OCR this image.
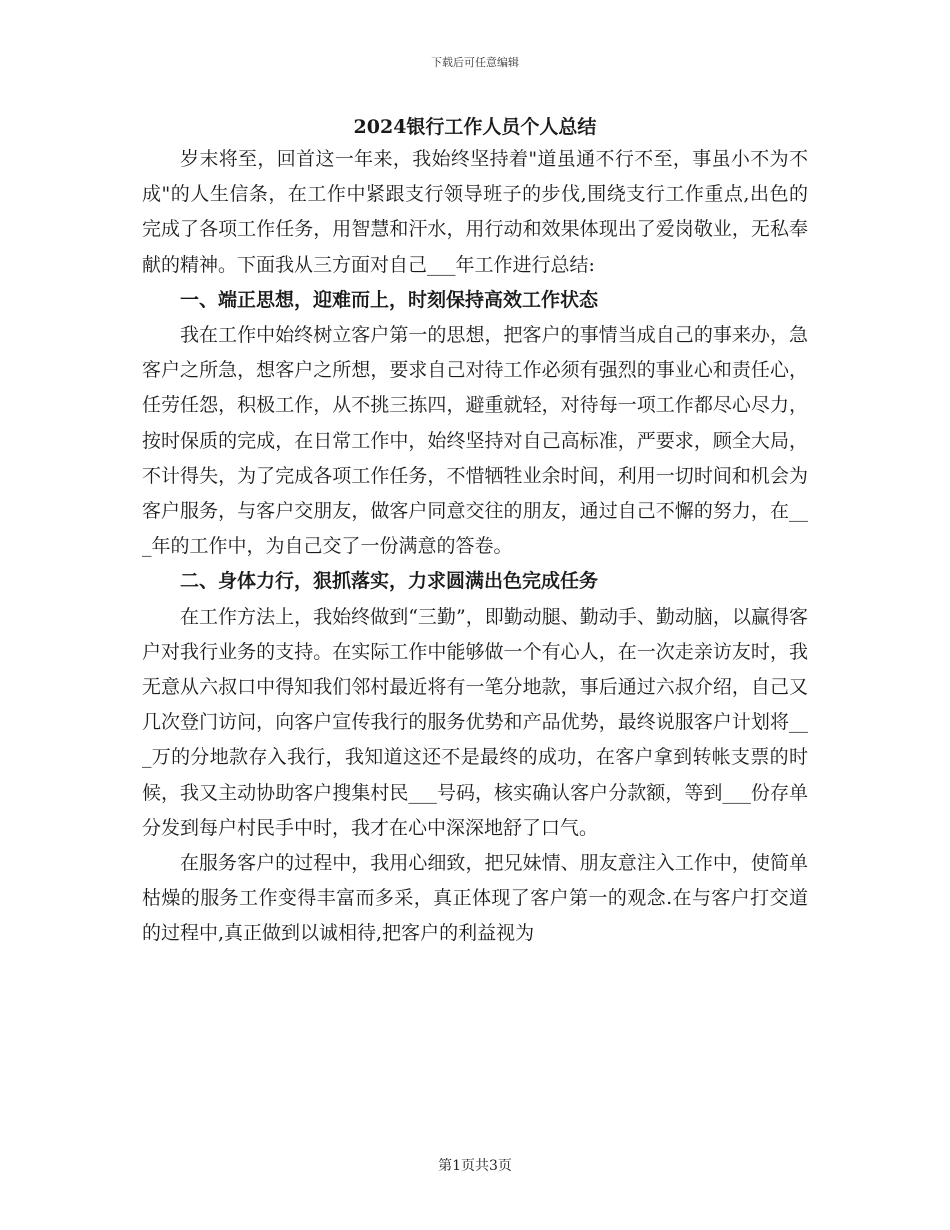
下载后可任意编辑
2024银行工作人员个人总结

岁末将至，回首这一年来，我始终坚持着"道虽通不行不至，事虽小不为不成"的人生信条，在工作中紧跟支行领导班子的步伐,围绕支行工作重点,出色的完成了各项工作任务，用智慧和汗水，用行动和效果体现出了爱岗敬业，无私奉献的精神。下面我从三方面对自己___年工作进行总结:

一、端正思想，迎难而上，时刻保持高效工作状态

我在工作中始终树立客户第一的思想，把客户的事情当成自己的事来办，急客户之所急，想客户之所想，要求自己对待工作必须有强烈的事业心和责任心，任劳任怨，积极工作，从不挑三拣四，避重就轻，对待每一项工作都尽心尽力，按时保质的完成，在日常工作中，始终坚持对自己高标准，严要求，顾全大局，不计得失，为了完成各项工作任务，不惜牺牲业余时间，利用一切时间和机会为客户服务，与客户交朋友，做客户同意交往的朋友，通过自己不懈的努力，在___年的工作中，为自己交了一份满意的答卷。

二、身体力行，狠抓落实，力求圆满出色完成任务

在工作方法上，我始终做到“三勤”，即勤动腿、勤动手、勤动脑，以赢得客户对我行业务的支持。在实际工作中能够做一个有心人，在一次走亲访友时，我无意从六叔口中得知我们邻村最近将有一笔分地款，事后通过六叔介绍，自己又几次登门访问，向客户宣传我行的服务优势和产品优势，最终说服客户计划将___万的分地款存入我行，我知道这还不是最终的成功，在客户拿到转帐支票的时候，我又主动协助客户搜集村民___号码，核实确认客户分款额，等到___份存单分发到每户村民手中时，我才在心中深深地舒了口气。

在服务客户的过程中，我用心细致，把兄妹情、朋友意注入工作中，使简单枯燥的服务工作变得丰富而多采，真正体现了客户第一的观念.在与客户打交道的过程中,真正做到以诚相待,把客户的利益视为

第1页共3页
